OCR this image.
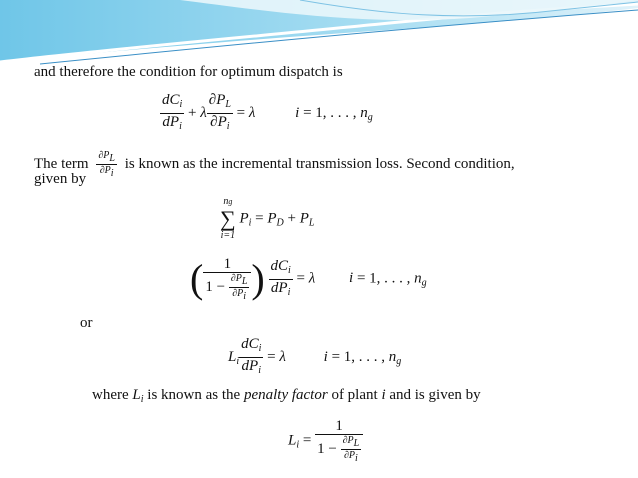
and therefore the condition for optimum dispatch is
$\frac{dC_i}{dP_i} + \lambda \frac{\partial P_L}{\partial P_i} = \lambda$	i = 1, . . . , $n_g$
The term $\frac{\partial PL}{\partial Pi}$ is known as the incremental transmission loss. Second condition,
given by
ng
∑
i=1
$P_i = P_D + P_L$
( $\frac{1}{1 - \frac{\partial PL}{\partial Pi}}$ ) $\frac{dC_i}{dP_i} = \lambda$ i = 1, . . . , $n_g$
or
$L_i \frac{dC_i}{dP_i} = \lambda$	i = 1, . . . , $n_g$
where $L_i$ is known as the penalty factor of plant i and is given by
$L_i = \frac{1}{1 - \frac{\partial PL}{\partial Pi}}$
